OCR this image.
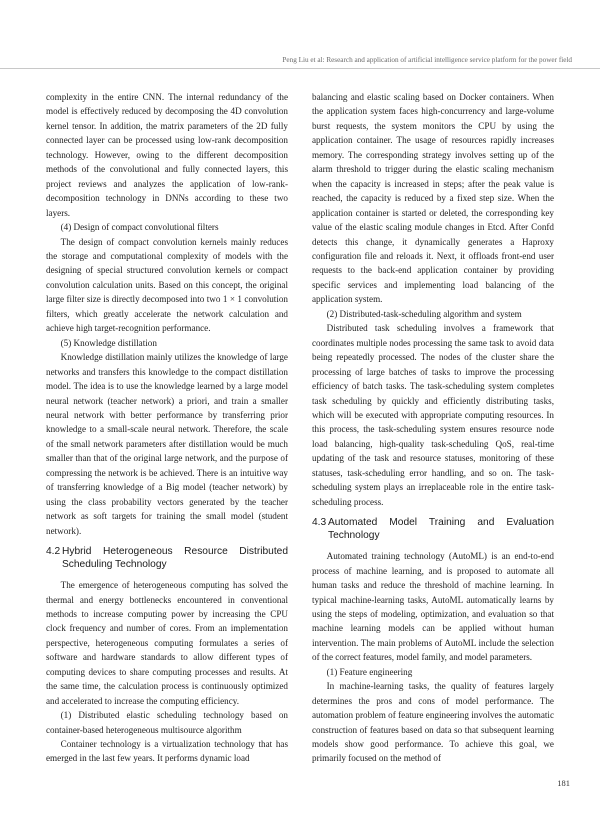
Peng Liu et al: Research and application of artificial intelligence service platform for the power field

complexity in the entire CNN. The internal redundancy of the model is effectively reduced by decomposing the 4D convolution kernel tensor. In addition, the matrix parameters of the 2D fully connected layer can be processed using low-rank decomposition technology. However, owing to the different decomposition methods of the convolutional and fully connected layers, this project reviews and analyzes the application of low-rank-decomposition technology in DNNs according to these two layers.

(4) Design of compact convolutional filters

The design of compact convolution kernels mainly reduces the storage and computational complexity of models with the designing of special structured convolution kernels or compact convolution calculation units. Based on this concept, the original large filter size is directly decomposed into two 1 × 1 convolution filters, which greatly accelerate the network calculation and achieve high target-recognition performance.

(5) Knowledge distillation

Knowledge distillation mainly utilizes the knowledge of large networks and transfers this knowledge to the compact distillation model. The idea is to use the knowledge learned by a large model neural network (teacher network) a priori, and train a smaller neural network with better performance by transferring prior knowledge to a small-scale neural network. Therefore, the scale of the small network parameters after distillation would be much smaller than that of the original large network, and the purpose of compressing the network is be achieved. There is an intuitive way of transferring knowledge of a Big model (teacher network) by using the class probability vectors generated by the teacher network as soft targets for training the small model (student network).

4.2 Hybrid Heterogeneous Resource Distributed Scheduling Technology

The emergence of heterogeneous computing has solved the thermal and energy bottlenecks encountered in conventional methods to increase computing power by increasing the CPU clock frequency and number of cores. From an implementation perspective, heterogeneous computing formulates a series of software and hardware standards to allow different types of computing devices to share computing processes and results. At the same time, the calculation process is continuously optimized and accelerated to increase the computing efficiency.

(1) Distributed elastic scheduling technology based on container-based heterogeneous multisource algorithm

Container technology is a virtualization technology that has emerged in the last few years. It performs dynamic load

balancing and elastic scaling based on Docker containers. When the application system faces high-concurrency and large-volume burst requests, the system monitors the CPU by using the application container. The usage of resources rapidly increases memory. The corresponding strategy involves setting up of the alarm threshold to trigger during the elastic scaling mechanism when the capacity is increased in steps; after the peak value is reached, the capacity is reduced by a fixed step size. When the application container is started or deleted, the corresponding key value of the elastic scaling module changes in Etcd. After Confd detects this change, it dynamically generates a Haproxy configuration file and reloads it. Next, it offloads front-end user requests to the back-end application container by providing specific services and implementing load balancing of the application system.

(2) Distributed-task-scheduling algorithm and system

Distributed task scheduling involves a framework that coordinates multiple nodes processing the same task to avoid data being repeatedly processed. The nodes of the cluster share the processing of large batches of tasks to improve the processing efficiency of batch tasks. The task-scheduling system completes task scheduling by quickly and efficiently distributing tasks, which will be executed with appropriate computing resources. In this process, the task-scheduling system ensures resource node load balancing, high-quality task-scheduling QoS, real-time updating of the task and resource statuses, monitoring of these statuses, task-scheduling error handling, and so on. The task-scheduling system plays an irreplaceable role in the entire task-scheduling process.

4.3 Automated Model Training and Evaluation Technology

Automated training technology (AutoML) is an end-to-end process of machine learning, and is proposed to automate all human tasks and reduce the threshold of machine learning. In typical machine-learning tasks, AutoML automatically learns by using the steps of modeling, optimization, and evaluation so that machine learning models can be applied without human intervention. The main problems of AutoML include the selection of the correct features, model family, and model parameters.

(1) Feature engineering

In machine-learning tasks, the quality of features largely determines the pros and cons of model performance. The automation problem of feature engineering involves the automatic construction of features based on data so that subsequent learning models show good performance. To achieve this goal, we primarily focused on the method of

181
